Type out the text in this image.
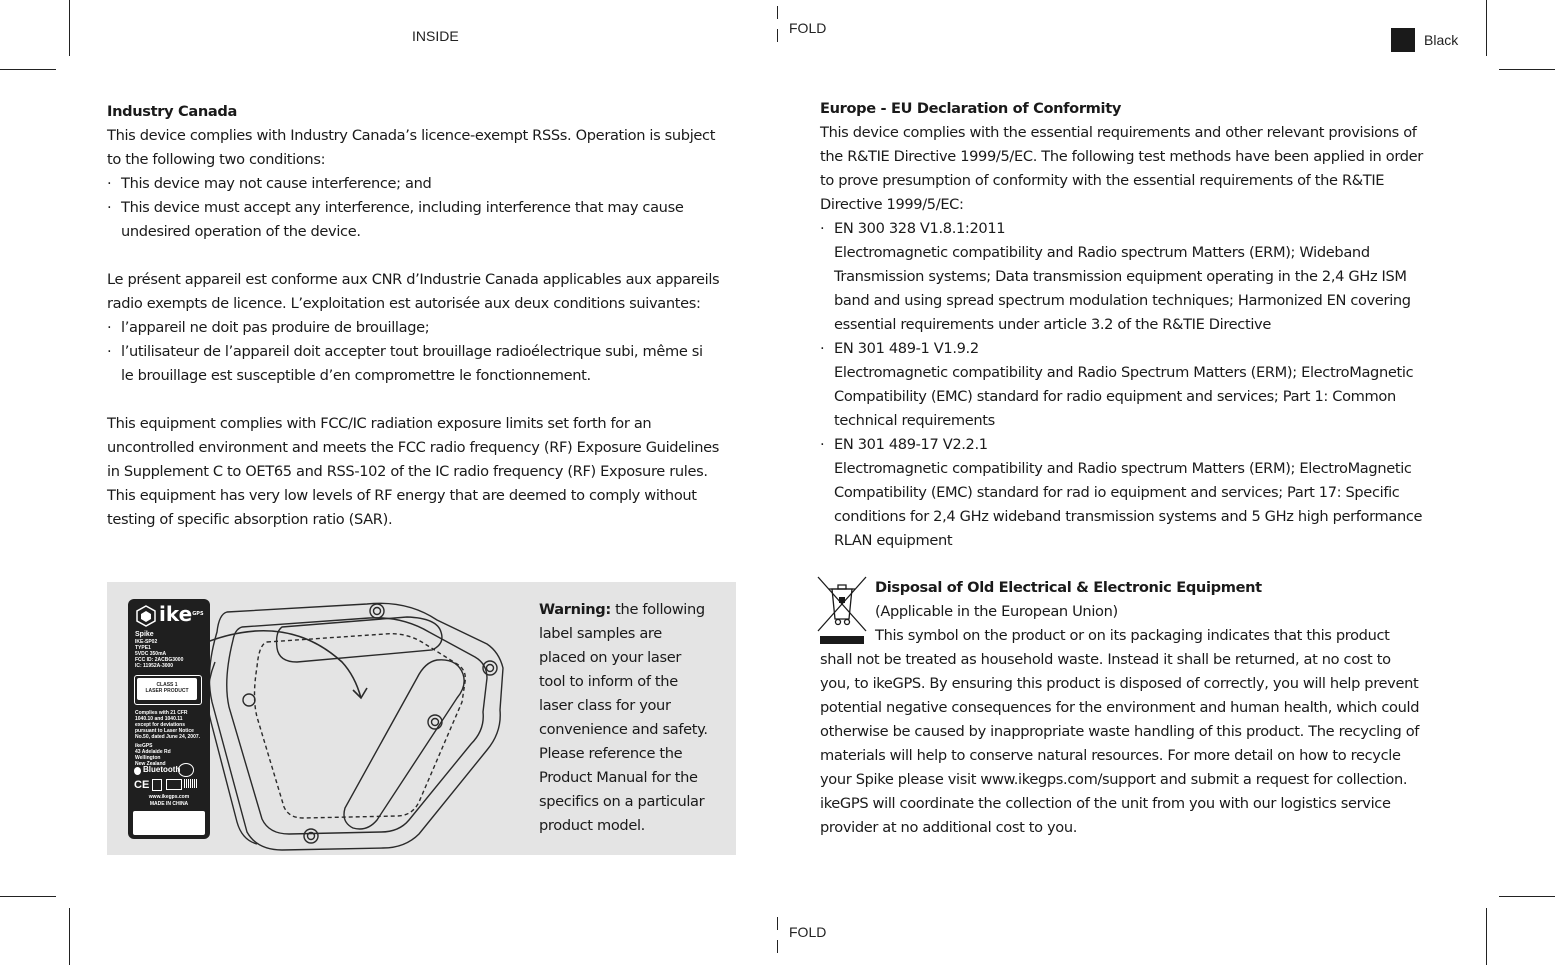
INSIDE	FOLD
FOLD
Black

Industry Canada

This device complies with Industry Canada’s licence-exempt RSSs. Operation is subject

to the following two conditions:

· This device may not cause interference; and

· This device must accept any interference, including interference that may cause

undesired operation of the device.

Le présent appareil est conforme aux CNR d’Industrie Canada applicables aux appareils

radio exempts de licence. L’exploitation est autorisée aux deux conditions suivantes:

· l’appareil ne doit pas produire de brouillage;

· l’utilisateur de l’appareil doit accepter tout brouillage radioélectrique subi, même si

le brouillage est susceptible d’en compromettre le fonctionnement.

This equipment complies with FCC/IC radiation exposure limits set forth for an

uncontrolled environment and meets the FCC radio frequency (RF) Exposure Guidelines

in Supplement C to OET65 and RSS-102 of the IC radio frequency (RF) Exposure rules.

This equipment has very low levels of RF energy that are deemed to comply without

testing of specific absorption ratio (SAR).

ike$^{GPS}$
Spike
IKE-SP02
TYPE1
5VDC 350mA
FCC ID: 2ACBG3000
IC: 11952A-3000
CLASS 1
LASER PRODUCT
Complies with 21 CFR
1040.10 and 1040.11
except for deviations
pursuant to Laser Notice
No.50, dated June 24, 2007.
ikeGPS
43 Adelaide Rd
Wellington
New Zealand
Bluetooth
CE
www.ikegps.com
MADE IN CHINA
Warning: the following
label samples are
placed on your laser
tool to inform of the
laser class for your
convenience and safety.
Please reference the
Product Manual for the
specifics on a particular
product model.

Europe - EU Declaration of Conformity

This device complies with the essential requirements and other relevant provisions of

the R&TIE Directive 1999/5/EC. The following test methods have been applied in order

to prove presumption of conformity with the essential requirements of the R&TIE

Directive 1999/5/EC:

· EN 300 328 V1.8.1:2011

Electromagnetic compatibility and Radio spectrum Matters (ERM); Wideband

Transmission systems; Data transmission equipment operating in the 2,4 GHz ISM

band and using spread spectrum modulation techniques; Harmonized EN covering

essential requirements under article 3.2 of the R&TIE Directive

· EN 301 489-1 V1.9.2

Electromagnetic compatibility and Radio Spectrum Matters (ERM); ElectroMagnetic

Compatibility (EMC) standard for radio equipment and services; Part 1: Common

technical requirements

· EN 301 489-17 V2.2.1

Electromagnetic compatibility and Radio spectrum Matters (ERM); ElectroMagnetic

Compatibility (EMC) standard for rad io equipment and services; Part 17: Specific

conditions for 2,4 GHz wideband transmission systems and 5 GHz high performance

RLAN equipment

Disposal of Old Electrical & Electronic Equipment

(Applicable in the European Union)

This symbol on the product or on its packaging indicates that this product

shall not be treated as household waste. Instead it shall be returned, at no cost to

you, to ikeGPS. By ensuring this product is disposed of correctly, you will help prevent

potential negative consequences for the environment and human health, which could

otherwise be caused by inappropriate waste handling of this product. The recycling of

materials will help to conserve natural resources. For more detail on how to recycle

your Spike please visit www.ikegps.com/support and submit a request for collection.

ikeGPS will coordinate the collection of the unit from you with our logistics service

provider at no additional cost to you.
